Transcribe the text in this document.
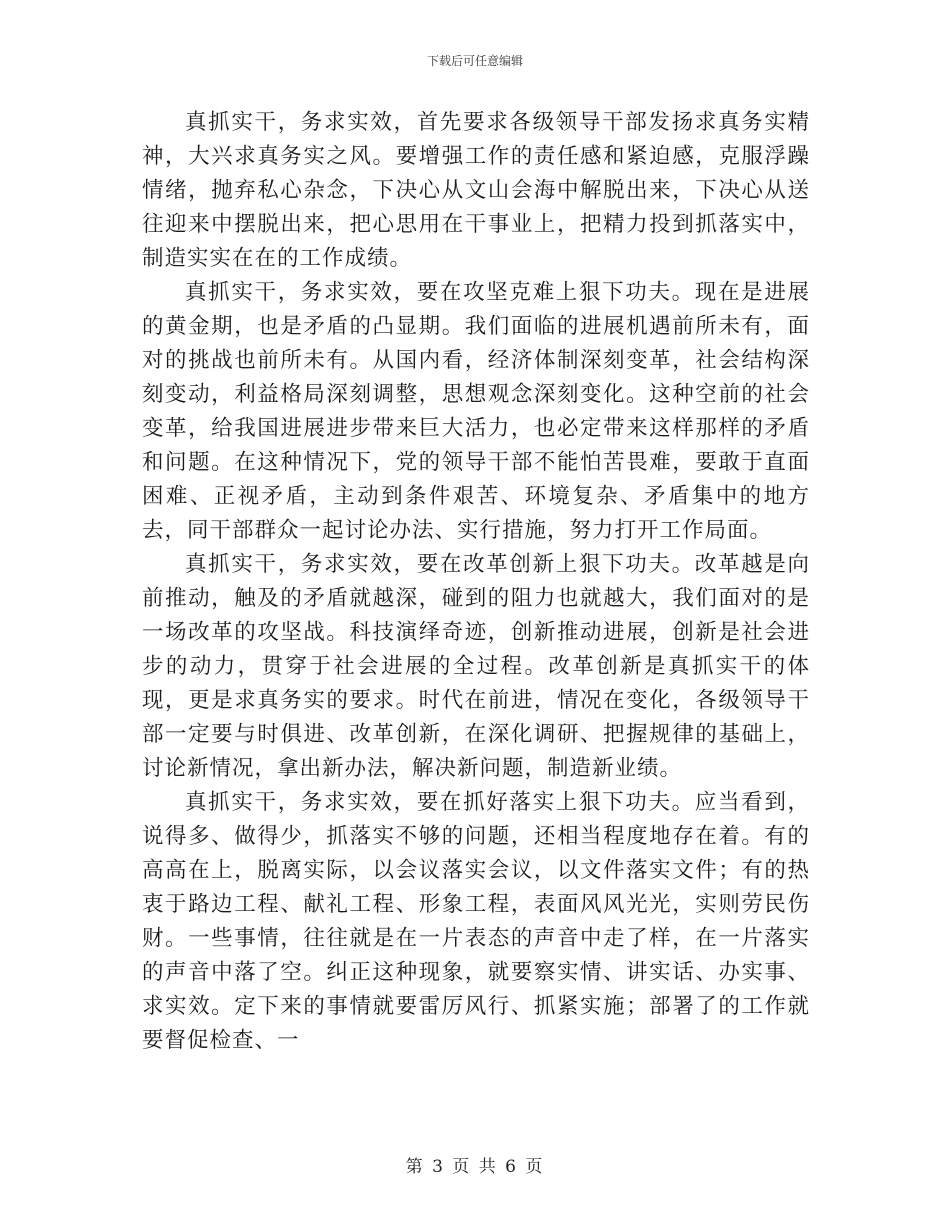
下载后可任意编辑

真抓实干，务求实效，首先要求各级领导干部发扬求真务实精神，大兴求真务实之风。要增强工作的责任感和紧迫感，克服浮躁情绪，抛弃私心杂念，下决心从文山会海中解脱出来，下决心从送往迎来中摆脱出来，把心思用在干事业上，把精力投到抓落实中，制造实实在在的工作成绩。

真抓实干，务求实效，要在攻坚克难上狠下功夫。现在是进展的黄金期，也是矛盾的凸显期。我们面临的进展机遇前所未有，面对的挑战也前所未有。从国内看，经济体制深刻变革，社会结构深刻变动，利益格局深刻调整，思想观念深刻变化。这种空前的社会变革，给我国进展进步带来巨大活力，也必定带来这样那样的矛盾和问题。在这种情况下，党的领导干部不能怕苦畏难，要敢于直面困难、正视矛盾，主动到条件艰苦、环境复杂、矛盾集中的地方去，同干部群众一起讨论办法、实行措施，努力打开工作局面。

真抓实干，务求实效，要在改革创新上狠下功夫。改革越是向前推动，触及的矛盾就越深，碰到的阻力也就越大，我们面对的是一场改革的攻坚战。科技演绎奇迹，创新推动进展，创新是社会进步的动力，贯穿于社会进展的全过程。改革创新是真抓实干的体现，更是求真务实的要求。时代在前进，情况在变化，各级领导干部一定要与时俱进、改革创新，在深化调研、把握规律的基础上，讨论新情况，拿出新办法，解决新问题，制造新业绩。

真抓实干，务求实效，要在抓好落实上狠下功夫。应当看到，说得多、做得少，抓落实不够的问题，还相当程度地存在着。有的高高在上，脱离实际，以会议落实会议，以文件落实文件；有的热衷于路边工程、献礼工程、形象工程，表面风风光光，实则劳民伤财。一些事情，往往就是在一片表态的声音中走了样，在一片落实的声音中落了空。纠正这种现象，就要察实情、讲实话、办实事、求实效。定下来的事情就要雷厉风行、抓紧实施；部署了的工作就要督促检查、一

第 3 页 共 6 页
